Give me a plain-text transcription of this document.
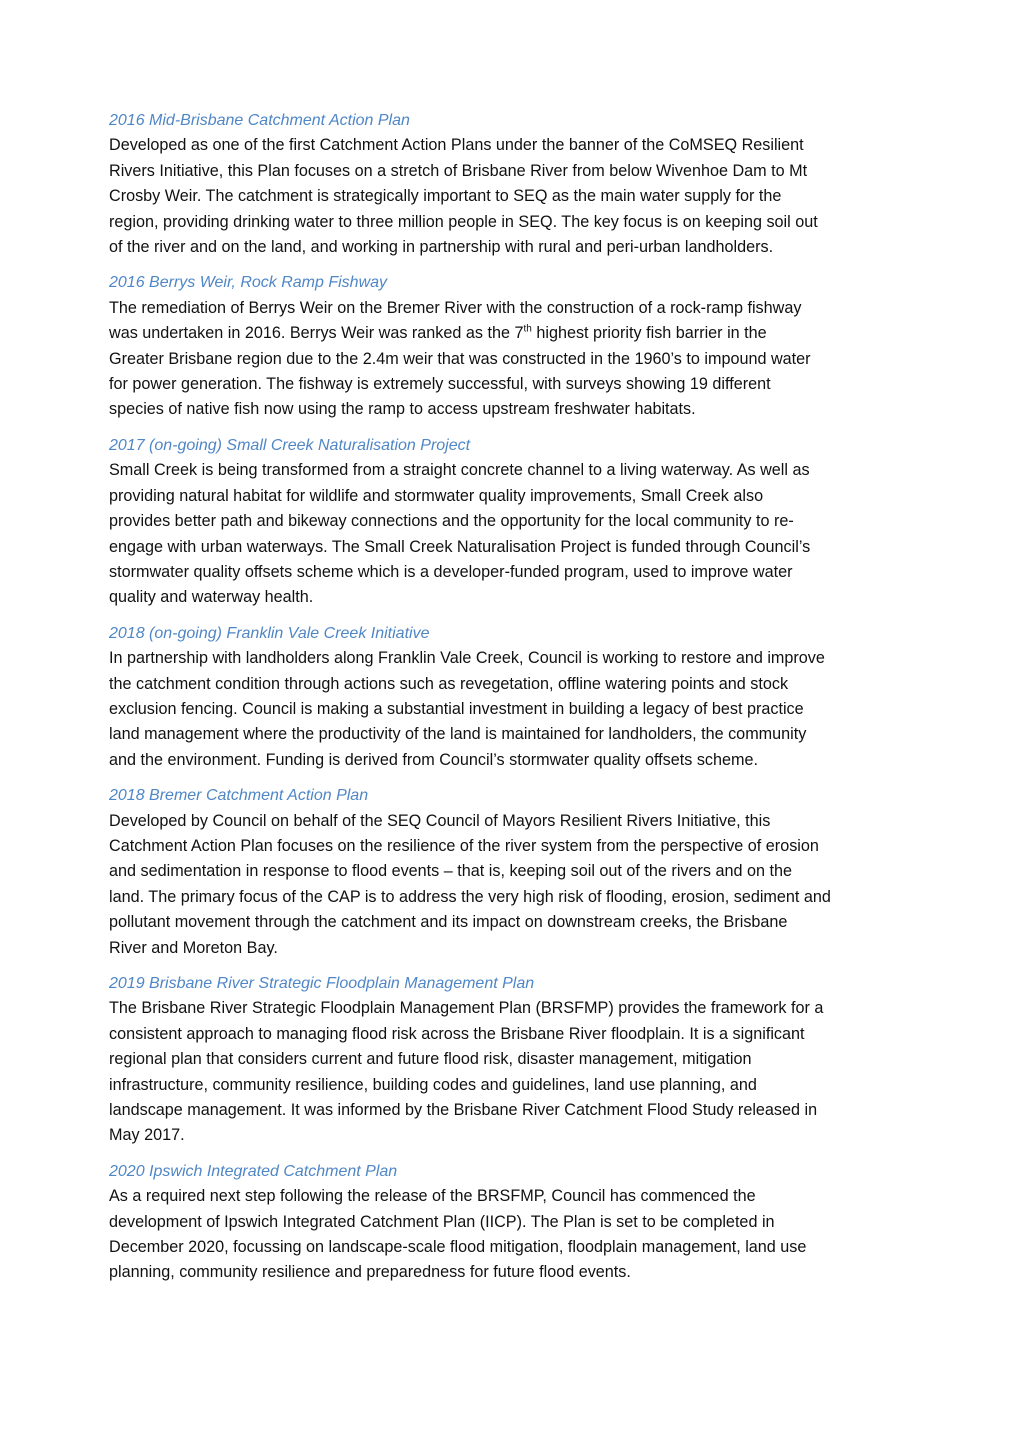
2016 Mid-Brisbane Catchment Action Plan

Developed as one of the first Catchment Action Plans under the banner of the CoMSEQ Resilient
Rivers Initiative, this Plan focuses on a stretch of Brisbane River from below Wivenhoe Dam to Mt
Crosby Weir. The catchment is strategically important to SEQ as the main water supply for the
region, providing drinking water to three million people in SEQ. The key focus is on keeping soil out
of the river and on the land, and working in partnership with rural and peri-urban landholders.

2016 Berrys Weir, Rock Ramp Fishway

The remediation of Berrys Weir on the Bremer River with the construction of a rock-ramp fishway
was undertaken in 2016. Berrys Weir was ranked as the 7th highest priority fish barrier in the
Greater Brisbane region due to the 2.4m weir that was constructed in the 1960’s to impound water
for power generation. The fishway is extremely successful, with surveys showing 19 different
species of native fish now using the ramp to access upstream freshwater habitats.

2017 (on-going) Small Creek Naturalisation Project

Small Creek is being transformed from a straight concrete channel to a living waterway. As well as
providing natural habitat for wildlife and stormwater quality improvements, Small Creek also
provides better path and bikeway connections and the opportunity for the local community to re-
engage with urban waterways. The Small Creek Naturalisation Project is funded through Council’s
stormwater quality offsets scheme which is a developer-funded program, used to improve water
quality and waterway health.

2018 (on-going) Franklin Vale Creek Initiative

In partnership with landholders along Franklin Vale Creek, Council is working to restore and improve
the catchment condition through actions such as revegetation, offline watering points and stock
exclusion fencing. Council is making a substantial investment in building a legacy of best practice
land management where the productivity of the land is maintained for landholders, the community
and the environment. Funding is derived from Council’s stormwater quality offsets scheme.

2018 Bremer Catchment Action Plan

Developed by Council on behalf of the SEQ Council of Mayors Resilient Rivers Initiative, this
Catchment Action Plan focuses on the resilience of the river system from the perspective of erosion
and sedimentation in response to flood events – that is, keeping soil out of the rivers and on the
land. The primary focus of the CAP is to address the very high risk of flooding, erosion, sediment and
pollutant movement through the catchment and its impact on downstream creeks, the Brisbane
River and Moreton Bay.

2019 Brisbane River Strategic Floodplain Management Plan

The Brisbane River Strategic Floodplain Management Plan (BRSFMP) provides the framework for a
consistent approach to managing flood risk across the Brisbane River floodplain. It is a significant
regional plan that considers current and future flood risk, disaster management, mitigation
infrastructure, community resilience, building codes and guidelines, land use planning, and
landscape management. It was informed by the Brisbane River Catchment Flood Study released in
May 2017.

2020 Ipswich Integrated Catchment Plan

As a required next step following the release of the BRSFMP, Council has commenced the
development of Ipswich Integrated Catchment Plan (IICP). The Plan is set to be completed in
December 2020, focussing on landscape-scale flood mitigation, floodplain management, land use
planning, community resilience and preparedness for future flood events.
